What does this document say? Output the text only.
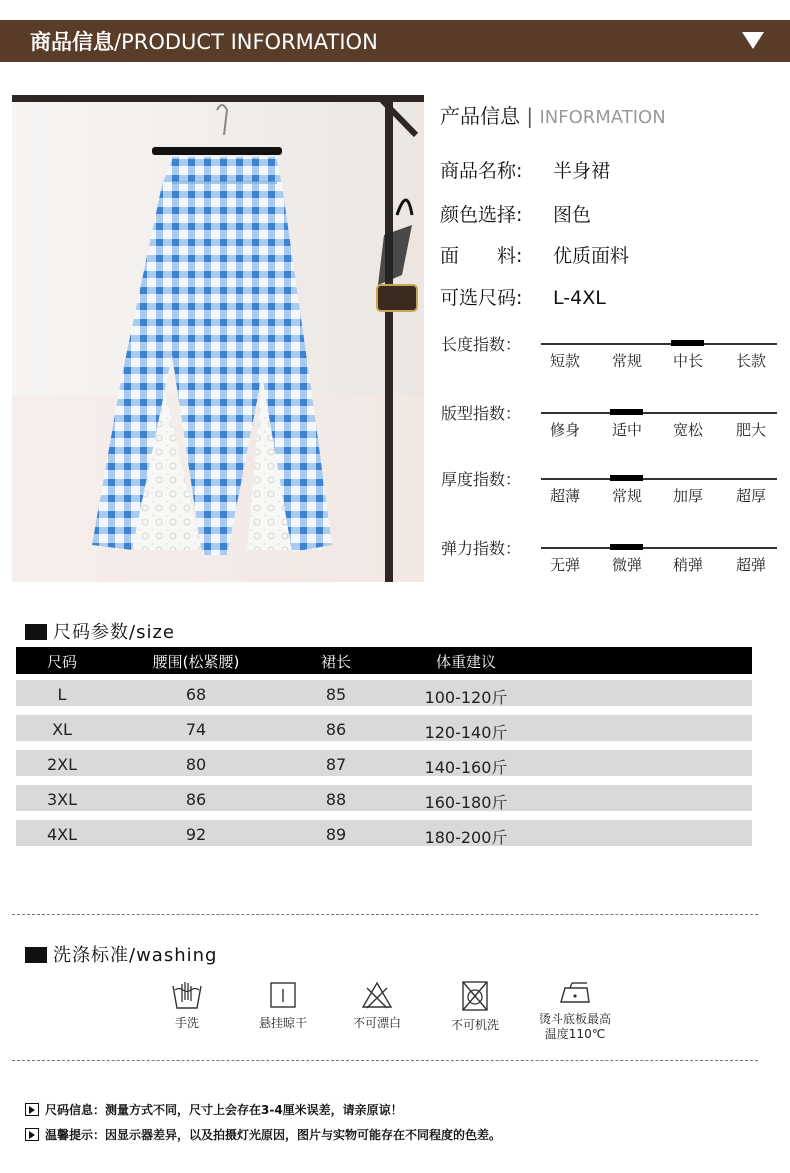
商品信息/PRODUCT INFORMATION
产品信息 | INFORMATION
商品名称: 半身裙
颜色选择: 图色
面　　料: 优质面料
可选尺码: L-4XL
长度指数：
短款	常规	中长	长款
版型指数：
修身	适中	宽松	肥大
厚度指数：
超薄	常规	加厚	超厚
弹力指数：
无弹	微弹	稍弹	超弹
尺码参数/size
尺码	腰围(松紧腰)	裙长	体重建议
L	68	85	100-120斤
XL	74	86	120-140斤
2XL	80	87	140-160斤
3XL	86	88	160-180斤
4XL	92	89	180-200斤
洗涤标准/washing
手洗	悬挂晾干	不可漂白	不可机洗	烫斗底板最高
温度110℃
尺码信息：测量方式不同，尺寸上会存在3-4厘米误差，请亲原谅！
温馨提示：因显示器差异，以及拍摄灯光原因，图片与实物可能存在不同程度的色差。
